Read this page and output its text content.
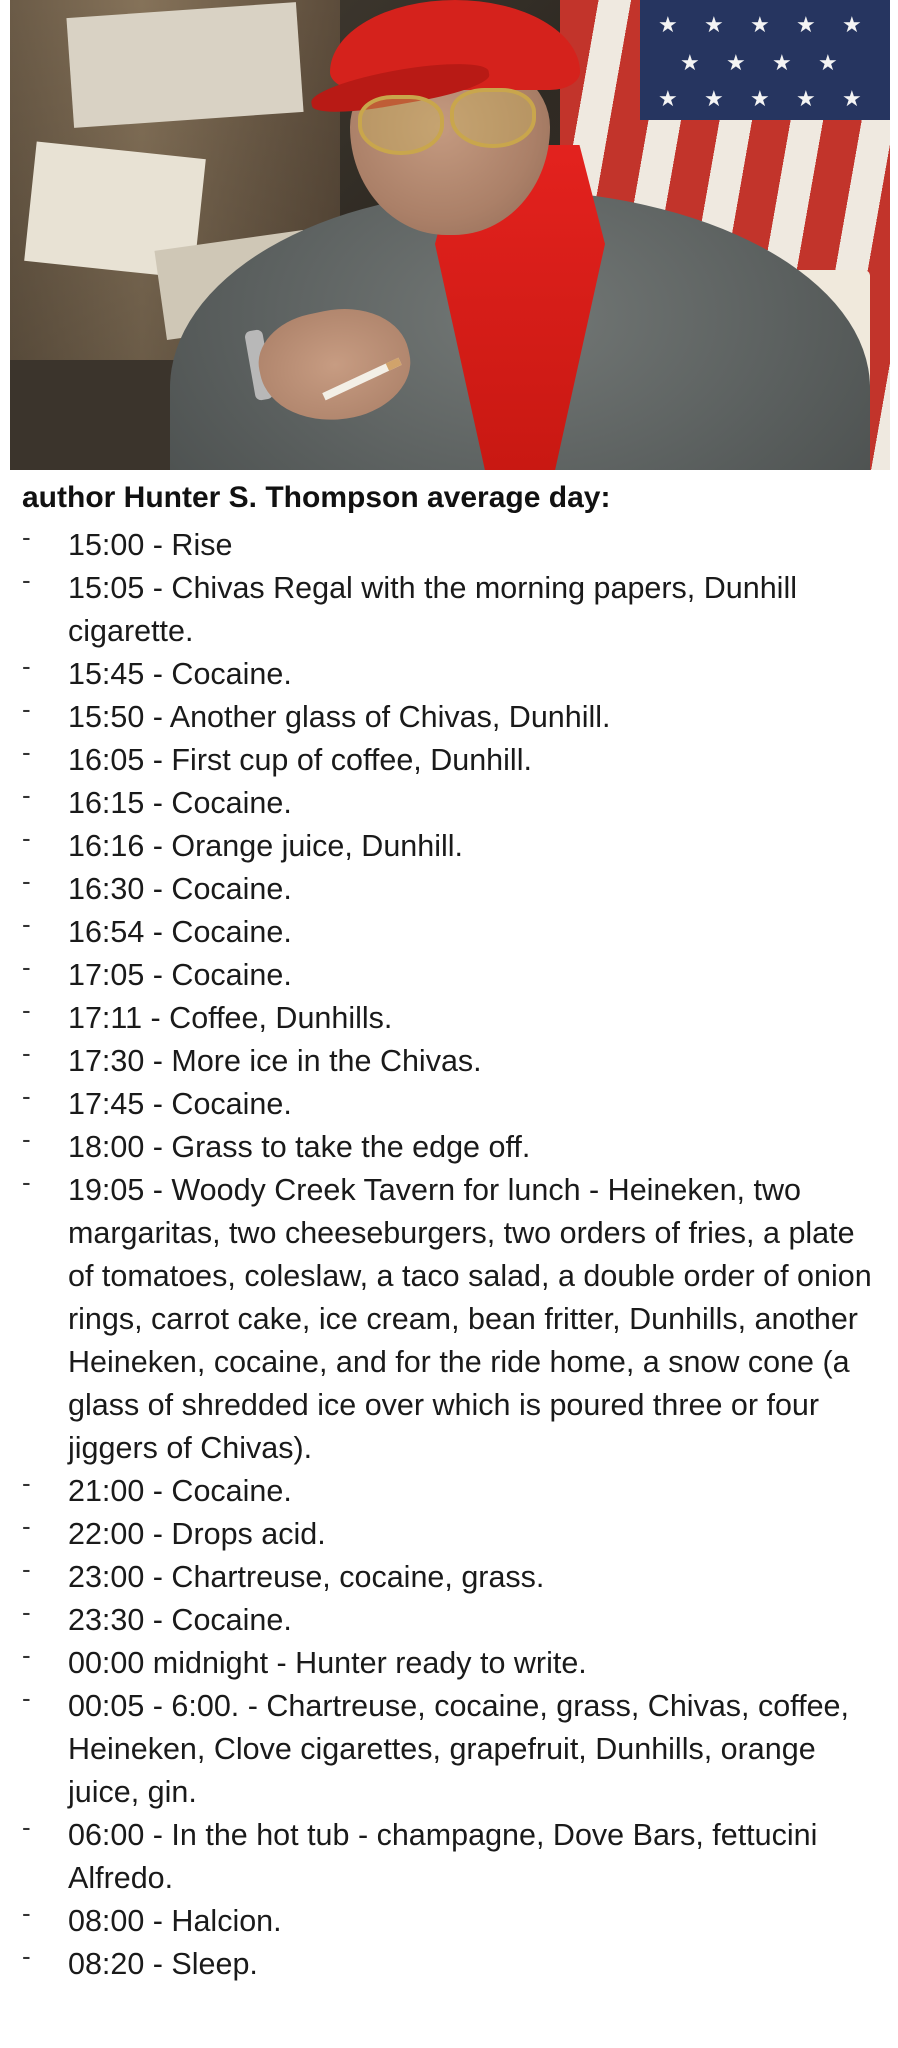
★ ★ ★ ★ ★
★ ★ ★ ★
★ ★ ★ ★ ★
author Hunter S. Thompson average day:
- 15:00 - Rise
- 15:05 - Chivas Regal with the morning papers, Dunhill cigarette.
- 15:45 - Cocaine.
- 15:50 - Another glass of Chivas, Dunhill.
- 16:05 - First cup of coffee, Dunhill.
- 16:15 - Cocaine.
- 16:16 - Orange juice, Dunhill.
- 16:30 - Cocaine.
- 16:54 - Cocaine.
- 17:05 - Cocaine.
- 17:11 - Coffee, Dunhills.
- 17:30 - More ice in the Chivas.
- 17:45 - Cocaine.
- 18:00 - Grass to take the edge off.
- 19:05 - Woody Creek Tavern for lunch - Heineken, two margaritas, two cheeseburgers, two orders of fries, a plate of tomatoes, coleslaw, a taco salad, a double order of onion rings, carrot cake, ice cream, bean fritter, Dunhills, another Heineken, cocaine, and for the ride home, a snow cone (a glass of shredded ice over which is poured three or four jiggers of Chivas).
- 21:00 - Cocaine.
- 22:00 - Drops acid.
- 23:00 - Chartreuse, cocaine, grass.
- 23:30 - Cocaine.
- 00:00 midnight - Hunter ready to write.
- 00:05 - 6:00. - Chartreuse, cocaine, grass, Chivas, coffee, Heineken, Clove cigarettes, grapefruit, Dunhills, orange juice, gin.
- 06:00 - In the hot tub - champagne, Dove Bars, fettucini Alfredo.
- 08:00 - Halcion.
- 08:20 - Sleep.
